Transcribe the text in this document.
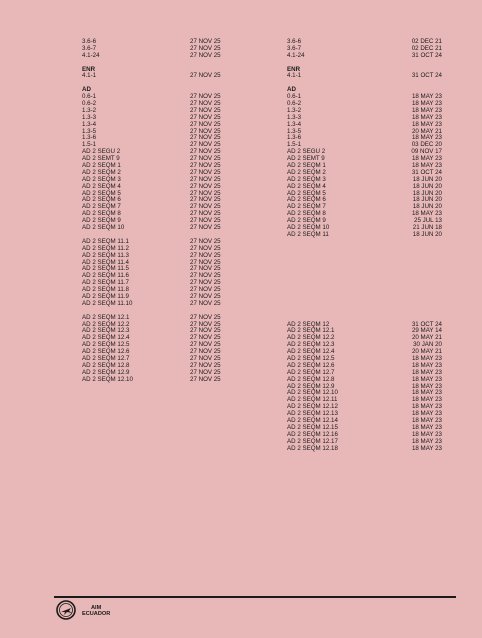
3.6-6	27 NOV 25
3.6-7	27 NOV 25
4.1-24	27 NOV 25
ENR
4.1-1	27 NOV 25
AD
0.6-1	27 NOV 25
0.6-2	27 NOV 25
1.3-2	27 NOV 25
1.3-3	27 NOV 25
1.3-4	27 NOV 25
1.3-5	27 NOV 25
1.3-6	27 NOV 25
1.5-1	27 NOV 25
AD 2 SEGU 2	27 NOV 25
AD 2 SEMT 9	27 NOV 25
AD 2 SEQM 1	27 NOV 25
AD 2 SEQM 2	27 NOV 25
AD 2 SEQM 3	27 NOV 25
AD 2 SEQM 4	27 NOV 25
AD 2 SEQM 5	27 NOV 25
AD 2 SEQM 6	27 NOV 25
AD 2 SEQM 7	27 NOV 25
AD 2 SEQM 8	27 NOV 25
AD 2 SEQM 9	27 NOV 25
AD 2 SEQM 10	27 NOV 25
AD 2 SEQM 11.1	27 NOV 25
AD 2 SEQM 11.2	27 NOV 25
AD 2 SEQM 11.3	27 NOV 25
AD 2 SEQM 11.4	27 NOV 25
AD 2 SEQM 11.5	27 NOV 25
AD 2 SEQM 11.6	27 NOV 25
AD 2 SEQM 11.7	27 NOV 25
AD 2 SEQM 11.8	27 NOV 25
AD 2 SEQM 11.9	27 NOV 25
AD 2 SEQM 11.10	27 NOV 25
AD 2 SEQM 12.1	27 NOV 25
AD 2 SEQM 12.2	27 NOV 25
AD 2 SEQM 12.3	27 NOV 25
AD 2 SEQM 12.4	27 NOV 25
AD 2 SEQM 12.5	27 NOV 25
AD 2 SEQM 12.6	27 NOV 25
AD 2 SEQM 12.7	27 NOV 25
AD 2 SEQM 12.8	27 NOV 25
AD 2 SEQM 12.9	27 NOV 25
AD 2 SEQM 12.10	27 NOV 25
3.6-6	02 DEC 21
3.6-7	02 DEC 21
4.1-24	31 OCT 24
ENR
4.1-1	31 OCT 24
AD
0.6-1	18 MAY 23
0.6-2	18 MAY 23
1.3-2	18 MAY 23
1.3-3	18 MAY 23
1.3-4	18 MAY 23
1.3-5	20 MAY 21
1.3-6	18 MAY 23
1.5-1	03 DEC 20
AD 2 SEGU 2	09 NOV 17
AD 2 SEMT 9	18 MAY 23
AD 2 SEQM 1	18 MAY 23
AD 2 SEQM 2	31 OCT 24
AD 2 SEQM 3	18 JUN 20
AD 2 SEQM 4	18 JUN 20
AD 2 SEQM 5	18 JUN 20
AD 2 SEQM 6	18 JUN 20
AD 2 SEQM 7	18 JUN 20
AD 2 SEQM 8	18 MAY 23
AD 2 SEQM 9	25 JUL 13
AD 2 SEQM 10	21 JUN 18
AD 2 SEQM 11	18 JUN 20
AD 2 SEQM 12	31 OCT 24
AD 2 SEQM 12.1	29 MAY 14
AD 2 SEQM 12.2	20 MAY 21
AD 2 SEQM 12.3	30 JAN 20
AD 2 SEQM 12.4	20 MAY 21
AD 2 SEQM 12.5	18 MAY 23
AD 2 SEQM 12.6	18 MAY 23
AD 2 SEQM 12.7	18 MAY 23
AD 2 SEQM 12.8	18 MAY 23
AD 2 SEQM 12.9	18 MAY 23
AD 2 SEQM 12.10	18 MAY 23
AD 2 SEQM 12.11	18 MAY 23
AD 2 SEQM 12.12	18 MAY 23
AD 2 SEQM 12.13	18 MAY 23
AD 2 SEQM 12.14	18 MAY 23
AD 2 SEQM 12.15	18 MAY 23
AD 2 SEQM 12.16	18 MAY 23
AD 2 SEQM 12.17	18 MAY 23
AD 2 SEQM 12.18	18 MAY 23
AIM
ECUADOR
